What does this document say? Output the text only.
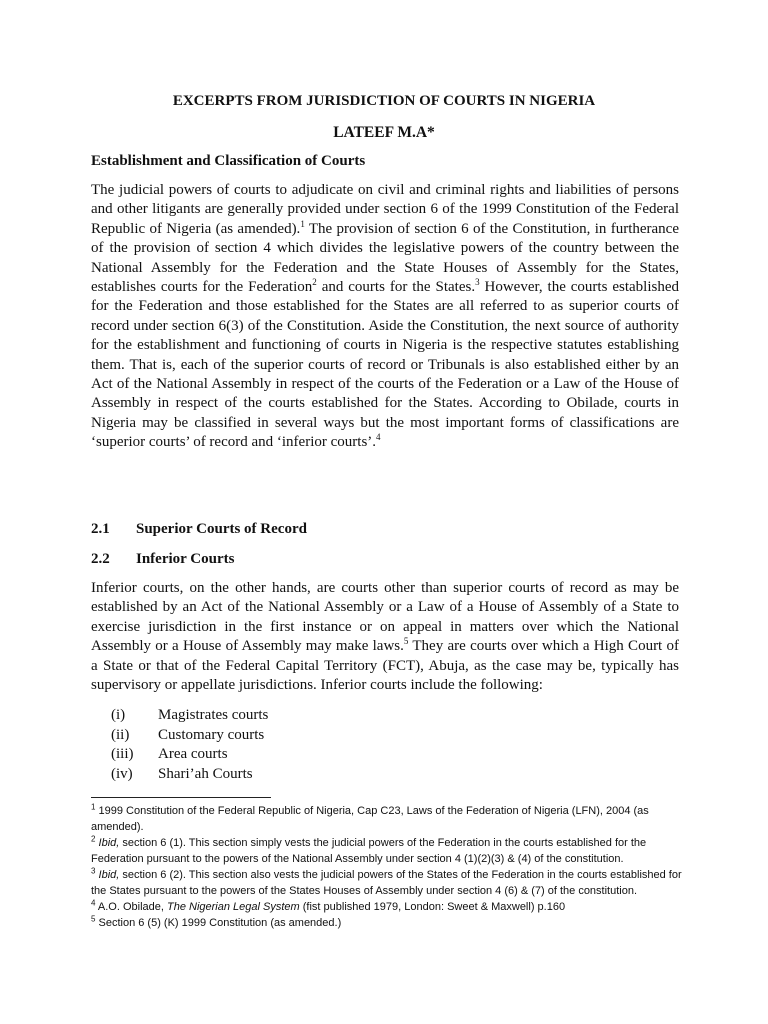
EXCERPTS FROM JURISDICTION OF COURTS IN NIGERIA
LATEEF M.A*
Establishment and Classification of Courts

The judicial powers of courts to adjudicate on civil and criminal rights and liabilities of persons and other litigants are generally provided under section 6 of the 1999 Constitution of the Federal Republic of Nigeria (as amended).$^1$ The provision of section 6 of the Constitution, in furtherance of the provision of section 4 which divides the legislative powers of the country between the National Assembly for the Federation and the State Houses of Assembly for the States, establishes courts for the Federation$^2$ and courts for the States.$^3$ However, the courts established for the Federation and those established for the States are all referred to as superior courts of record under section 6(3) of the Constitution. Aside the Constitution, the next source of authority for the establishment and functioning of courts in Nigeria is the respective statutes establishing them. That is, each of the superior courts of record or Tribunals is also established either by an Act of the National Assembly in respect of the courts of the Federation or a Law of the House of Assembly in respect of the courts established for the States. According to Obilade, courts in Nigeria may be classified in several ways but the most important forms of classifications are ‘superior courts’ of record and ‘inferior courts’.$^4$

2.1 Superior Courts of Record
2.2 Inferior Courts

Inferior courts, on the other hands, are courts other than superior courts of record as may be established by an Act of the National Assembly or a Law of a House of Assembly of a State to exercise jurisdiction in the first instance or on appeal in matters over which the National Assembly or a House of Assembly may make laws.$^5$ They are courts over which a High Court of a State or that of the Federal Capital Territory (FCT), Abuja, as the case may be, typically has supervisory or appellate jurisdictions. Inferior courts include the following:

(i) Magistrates courts
(ii) Customary courts
(iii) Area courts
(iv) Shari’ah Courts

$^1$ 1999 Constitution of the Federal Republic of Nigeria, Cap C23, Laws of the Federation of Nigeria (LFN), 2004 (as amended).

$^2$ Ibid, section 6 (1). This section simply vests the judicial powers of the Federation in the courts established for the Federation pursuant to the powers of the National Assembly under section 4 (1)(2)(3) & (4) of the constitution.

$^3$ Ibid, section 6 (2). This section also vests the judicial powers of the States of the Federation in the courts established for the States pursuant to the powers of the States Houses of Assembly under section 4 (6) & (7) of the constitution.

$^4$ A.O. Obilade, The Nigerian Legal System (fist published 1979, London: Sweet & Maxwell) p.160

$^5$ Section 6 (5) (K) 1999 Constitution (as amended.)
